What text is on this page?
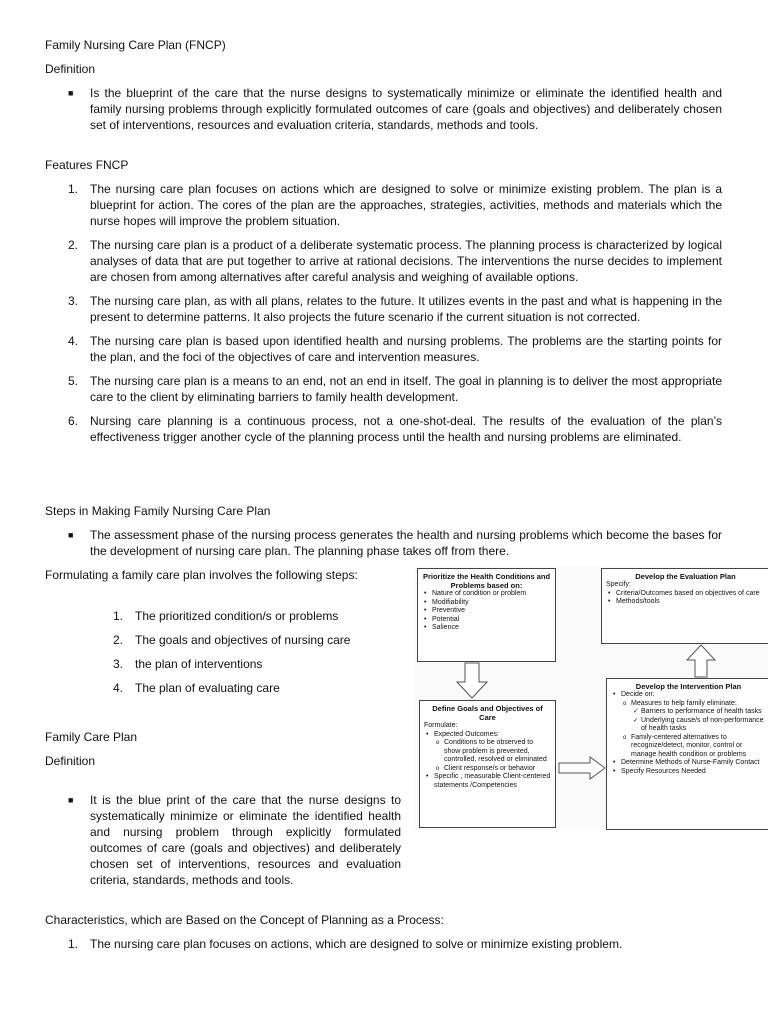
Family Nursing Care Plan (FNCP)

Definition

■ Is the blueprint of the care that the nurse designs to systematically minimize or eliminate the identified health and family nursing problems through explicitly formulated outcomes of care (goals and objectives) and deliberately chosen set of interventions, resources and evaluation criteria, standards, methods and tools.

Features FNCP

1. The nursing care plan focuses on actions which are designed to solve or minimize existing problem. The plan is a blueprint for action. The cores of the plan are the approaches, strategies, activities, methods and materials which the nurse hopes will improve the problem situation.
2. The nursing care plan is a product of a deliberate systematic process. The planning process is characterized by logical analyses of data that are put together to arrive at rational decisions. The interventions the nurse decides to implement are chosen from among alternatives after careful analysis and weighing of available options.
3. The nursing care plan, as with all plans, relates to the future. It utilizes events in the past and what is happening in the present to determine patterns. It also projects the future scenario if the current situation is not corrected.
4. The nursing care plan is based upon identified health and nursing problems. The problems are the starting points for the plan, and the foci of the objectives of care and intervention measures.
5. The nursing care plan is a means to an end, not an end in itself. The goal in planning is to deliver the most appropriate care to the client by eliminating barriers to family health development.
6. Nursing care planning is a continuous process, not a one-shot-deal. The results of the evaluation of the plan’s effectiveness trigger another cycle of the planning process until the health and nursing problems are eliminated.

Steps in Making Family Nursing Care Plan

■ The assessment phase of the nursing process generates the health and nursing problems which become the bases for the development of nursing care plan. The planning phase takes off from there.

Formulating a family care plan involves the following steps:

1. The prioritized condition/s or problems
2. The goals and objectives of nursing care
3. the plan of interventions
4. The plan of evaluating care

Family Care Plan

Definition

■ It is the blue print of the care that the nurse designs to systematically minimize or eliminate the identified health and nursing problem through explicitly formulated outcomes of care (goals and objectives) and deliberately chosen set of interventions, resources and evaluation criteria, standards, methods and tools.

Characteristics, which are Based on the Concept of Planning as a Process:

1. The nursing care plan focuses on actions, which are designed to solve or minimize existing problem.
Prioritize the Health Conditions and Problems based on:
• Nature of condition or problem
• Modifiability
• Preventive
• Potential
• Salience
Develop the Evaluation Plan
Specify:
• Criteria/Outcomes based on objectives of care
• Methods/tools
Define Goals and Objectives of Care
Formulate:
• Expected Outcomes:
o Conditions to be observed to show problem is prevented, controlled, resolved or eliminated
o Client response/s or behavior
• Specific , measurable Client-centered statements /Competencies
Develop the Intervention Plan
• Decide on:
o Measures to help family eliminate:
✓ Barriers to performance of health tasks
✓ Underlying cause/s of non-performance of health tasks
o Family-centered alternatives to recognize/detect, monitor, control or manage health condition or problems
• Determine Methods of Nurse-Family Contact
• Specify Resources Needed
